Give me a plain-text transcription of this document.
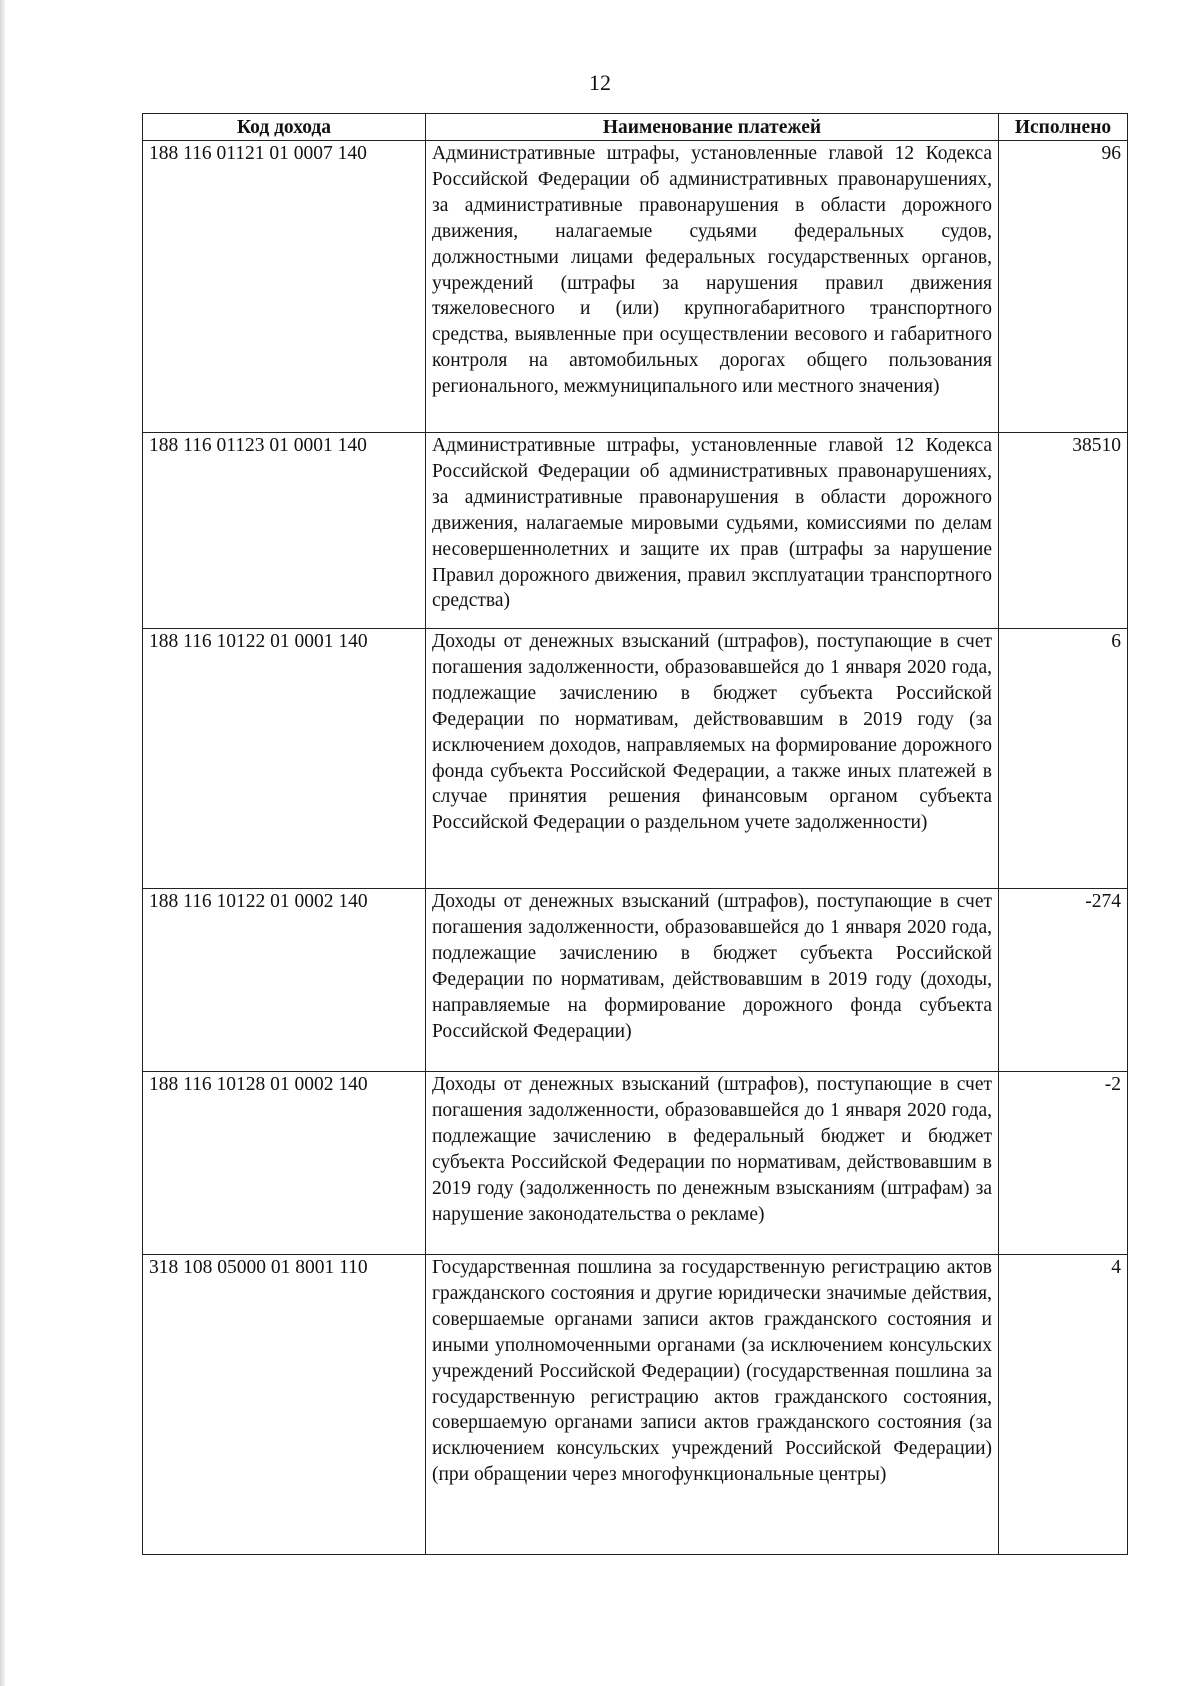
12
Код дохода	Наименование платежей	Исполнено
188 116 01121 01 0007 140	Административные штрафы, установленные главой 12 Кодекса Российской Федерации об административных правонарушениях, за административные правонарушения в области дорожного движения, налагаемые судьями федеральных судов, должностными лицами федеральных государственных органов, учреждений (штрафы за нарушения правил движения тяжеловесного и (или) крупногабаритного транспортного средства, выявленные при осуществлении весового и габаритного контроля на автомобильных дорогах общего пользования регионального, межмуниципального или местного значения)	96
188 116 01123 01 0001 140	Административные штрафы, установленные главой 12 Кодекса Российской Федерации об административных правонарушениях, за административные правонарушения в области дорожного движения, налагаемые мировыми судьями, комиссиями по делам несовершеннолетних и защите их прав (штрафы за нарушение Правил дорожного движения, правил эксплуатации транспортного средства)	38510
188 116 10122 01 0001 140	Доходы от денежных взысканий (штрафов), поступающие в счет погашения задолженности, образовавшейся до 1 января 2020 года, подлежащие зачислению в бюджет субъекта Российской Федерации по нормативам, действовавшим в 2019 году (за исключением доходов, направляемых на формирование дорожного фонда субъекта Российской Федерации, а также иных платежей в случае принятия решения финансовым органом субъекта Российской Федерации о раздельном учете задолженности)	6
188 116 10122 01 0002 140	Доходы от денежных взысканий (штрафов), поступающие в счет погашения задолженности, образовавшейся до 1 января 2020 года, подлежащие зачислению в бюджет субъекта Российской Федерации по нормативам, действовавшим в 2019 году (доходы, направляемые на формирование дорожного фонда субъекта Российской Федерации)	-274
188 116 10128 01 0002 140	Доходы от денежных взысканий (штрафов), поступающие в счет погашения задолженности, образовавшейся до 1 января 2020 года, подлежащие зачислению в федеральный бюджет и бюджет субъекта Российской Федерации по нормативам, действовавшим в 2019 году (задолженность по денежным взысканиям (штрафам) за нарушение законодательства о рекламе)	-2
318 108 05000 01 8001 110	Государственная пошлина за государственную регистрацию актов гражданского состояния и другие юридически значимые действия, совершаемые органами записи актов гражданского состояния и иными уполномоченными органами (за исключением консульских учреждений Российской Федерации) (государственная пошлина за государственную регистрацию актов гражданского состояния, совершаемую органами записи актов гражданского состояния (за исключением консульских учреждений Российской Федерации) (при обращении через многофункциональные центры)	4
